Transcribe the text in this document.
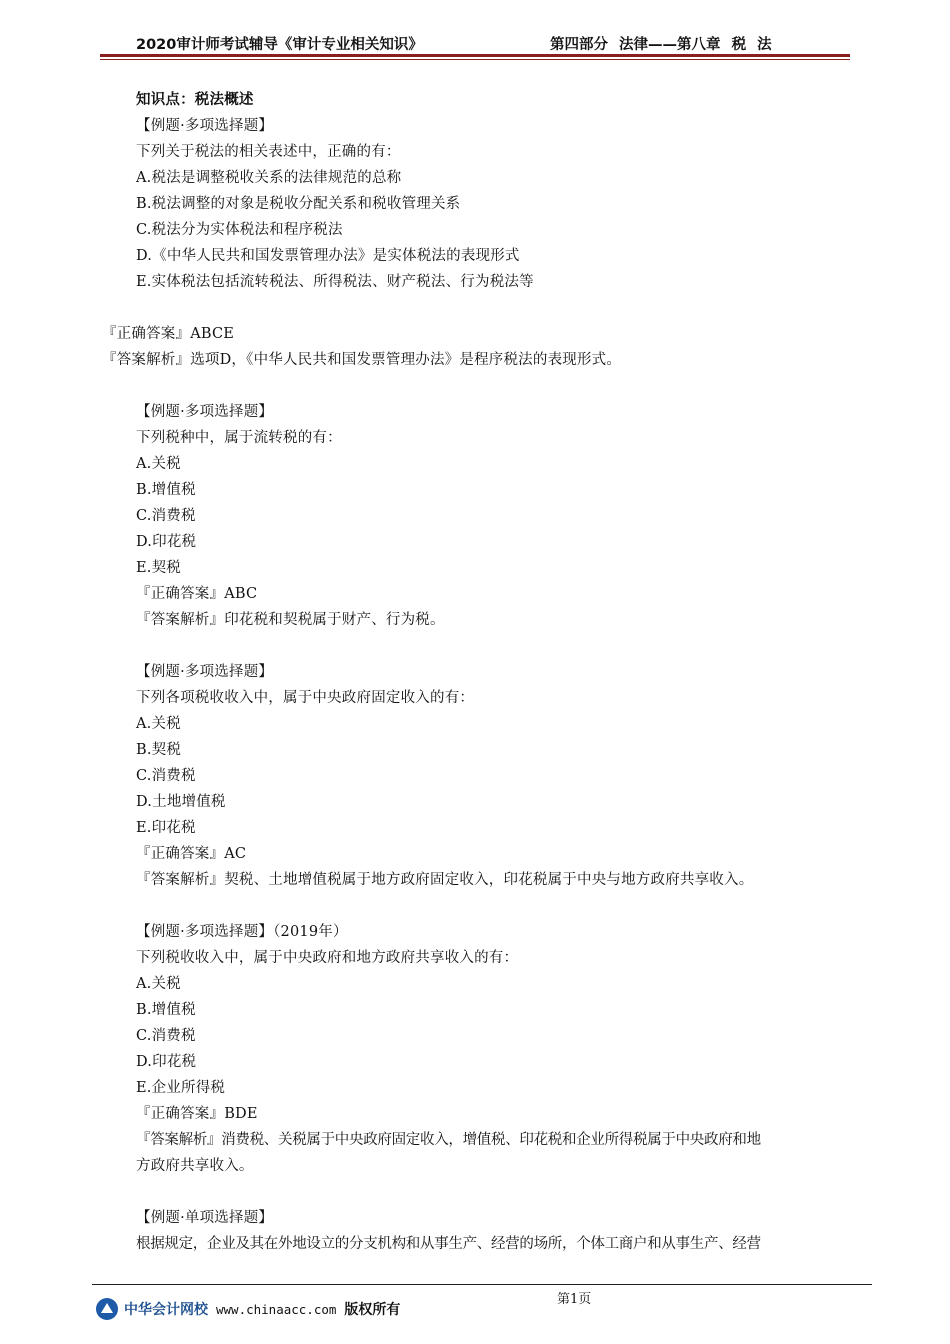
2020审计师考试辅导《审计专业相关知识》	第四部分 法律——第八章 税 法
知识点：税法概述
【例题·多项选择题】
下列关于税法的相关表述中，正确的有：
A.税法是调整税收关系的法律规范的总称
B.税法调整的对象是税收分配关系和税收管理关系
C.税法分为实体税法和程序税法
D.《中华人民共和国发票管理办法》是实体税法的表现形式
E.实体税法包括流转税法、所得税法、财产税法、行为税法等
『正确答案』ABCE
『答案解析』选项D，《中华人民共和国发票管理办法》是程序税法的表现形式。
【例题·多项选择题】
下列税种中，属于流转税的有：
A.关税
B.增值税
C.消费税
D.印花税
E.契税
『正确答案』ABC
『答案解析』印花税和契税属于财产、行为税。
【例题·多项选择题】
下列各项税收收入中，属于中央政府固定收入的有：
A.关税
B.契税
C.消费税
D.土地增值税
E.印花税
『正确答案』AC
『答案解析』契税、土地增值税属于地方政府固定收入，印花税属于中央与地方政府共享收入。
【例题·多项选择题】（2019年）
下列税收收入中，属于中央政府和地方政府共享收入的有：
A.关税
B.增值税
C.消费税
D.印花税
E.企业所得税
『正确答案』BDE
『答案解析』消费税、关税属于中央政府固定收入，增值税、印花税和企业所得税属于中央政府和地
方政府共享收入。
【例题·单项选择题】
根据规定，企业及其在外地设立的分支机构和从事生产、经营的场所，个体工商户和从事生产、经营
第1页
中华会计网校 www.chinaacc.com 版权所有
